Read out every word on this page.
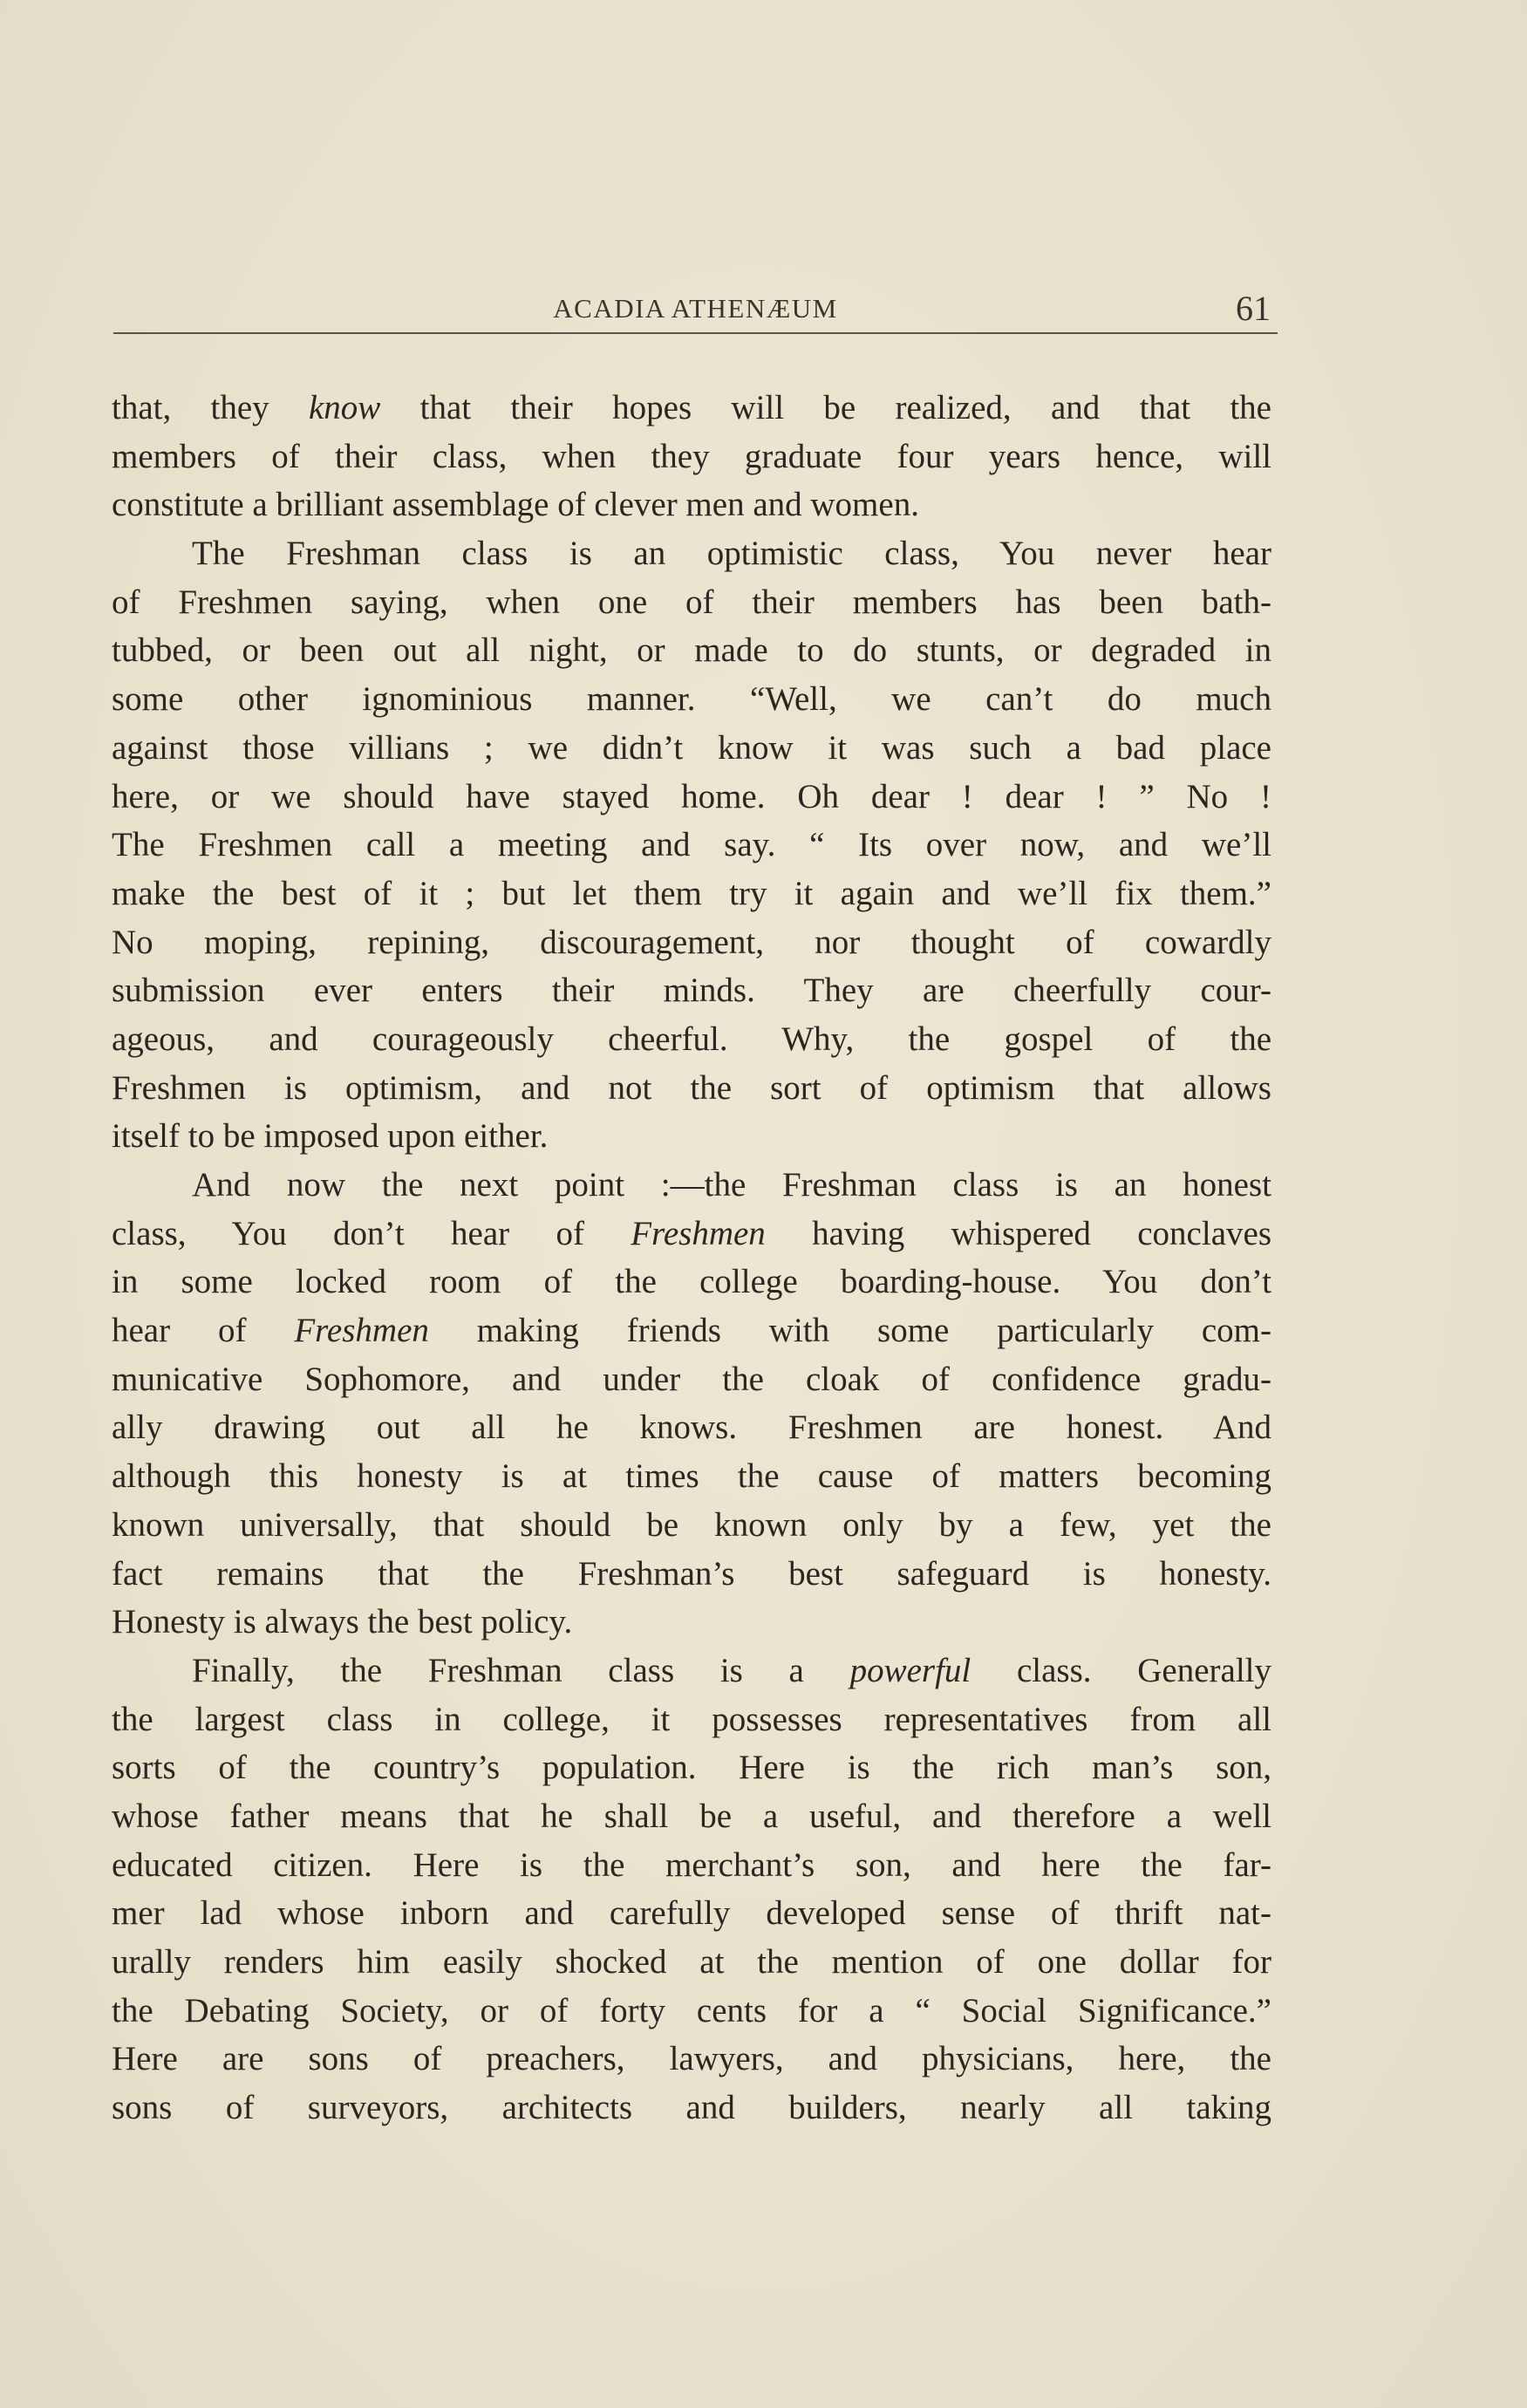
ACADIA ATHENÆUM	61
that, they know that their hopes will be realized, and that the
members of their class, when they graduate four years hence, will
constitute a brilliant assemblage of clever men and women.
The Freshman class is an optimistic class, You never hear
of Freshmen saying, when one of their members has been bath-
tubbed, or been out all night, or made to do stunts, or degraded in
some other ignominious manner. “Well, we can’t do much
against those villians ; we didn’t know it was such a bad place
here, or we should have stayed home. Oh dear ! dear ! ” No !
The Freshmen call a meeting and say. “ Its over now, and we’ll
make the best of it ; but let them try it again and we’ll fix them.”
No moping, repining, discouragement, nor thought of cowardly
submission ever enters their minds. They are cheerfully cour-
ageous, and courageously cheerful. Why, the gospel of the
Freshmen is optimism, and not the sort of optimism that allows
itself to be imposed upon either.
And now the next point :—the Freshman class is an honest
class, You don’t hear of Freshmen having whispered conclaves
in some locked room of the college boarding-house. You don’t
hear of Freshmen making friends with some particularly com-
municative Sophomore, and under the cloak of confidence gradu-
ally drawing out all he knows. Freshmen are honest. And
although this honesty is at times the cause of matters becoming
known universally, that should be known only by a few, yet the
fact remains that the Freshman’s best safeguard is honesty.
Honesty is always the best policy.
Finally, the Freshman class is a powerful class. Generally
the largest class in college, it possesses representatives from all
sorts of the country’s population. Here is the rich man’s son,
whose father means that he shall be a useful, and therefore a well
educated citizen. Here is the merchant’s son, and here the far-
mer lad whose inborn and carefully developed sense of thrift nat-
urally renders him easily shocked at the mention of one dollar for
the Debating Society, or of forty cents for a “ Social Significance.”
Here are sons of preachers, lawyers, and physicians, here, the
sons of surveyors, architects and builders, nearly all taking
